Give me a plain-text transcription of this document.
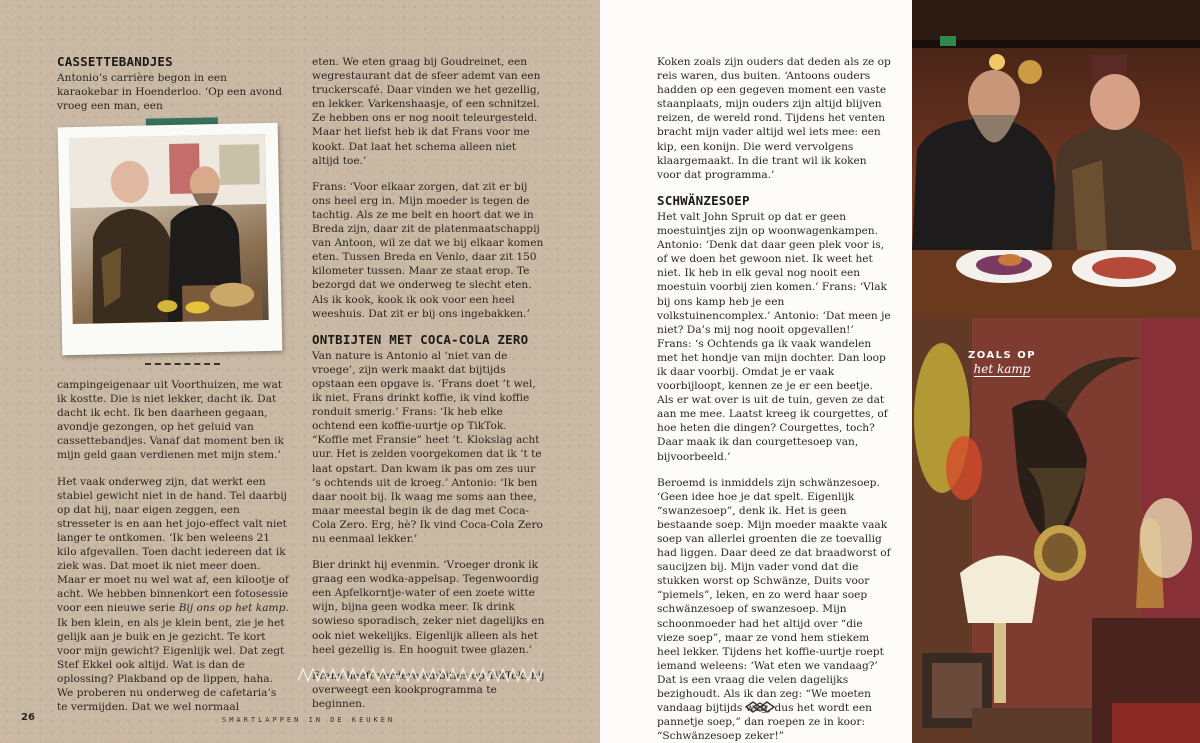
CASSETTEBANDJES

Antonio’s carrière begon in een karaokebar in Hoenderloo. ‘Op een avond vroeg een man, een

campingeigenaar uit Voorthuizen, me wat ik kostte. Die is niet lekker, dacht ik. Dat dacht ik echt. Ik ben daarheen gegaan, avondje gezongen, op het geluid van cassettebandjes. Vanaf dat moment ben ik mijn geld gaan verdienen met mijn stem.’

Het vaak onderweg zijn, dat werkt een stabiel gewicht niet in de hand. Tel daarbij op dat hij, naar eigen zeggen, een stresseter is en aan het jojo-effect valt niet langer te ontkomen. ‘Ik ben weleens 21 kilo afgevallen. Toen dacht iedereen dat ik ziek was. Dat moet ik niet meer doen. Maar er moet nu wel wat af, een kilootje of acht. We hebben binnenkort een fotosessie voor een nieuwe serie Bij ons op het kamp. Ik ben klein, en als je klein bent, zie je het gelijk aan je buik en je gezicht. Te kort voor mijn gewicht? Eigenlijk wel. Dat zegt Stef Ekkel ook altijd. Wat is dan de oplossing? Plakband op de lippen, haha. We proberen nu onderweg de cafetaria’s te vermijden. Dat we wel normaal

eten. We eten graag bij Goudreinet, een wegrestaurant dat de sfeer ademt van een truckerscafé. Daar vinden we het gezellig, en lekker. Varkenshaasje, of een schnitzel. Ze hebben ons er nog nooit teleurgesteld. Maar het liefst heb ik dat Frans voor me kookt. Dat laat het schema alleen niet altijd toe.’

Frans: ‘Voor elkaar zorgen, dat zit er bij ons heel erg in. Mijn moeder is tegen de tachtig. Als ze me belt en hoort dat we in Breda zijn, daar zit de platenmaatschappij van Antoon, wil ze dat we bij elkaar komen eten. Tussen Breda en Venlo, daar zit 150 kilometer tussen. Maar ze staat erop. Te bezorgd dat we onderweg te slecht eten. Als ik kook, kook ik ook voor een heel weeshuis. Dat zit er bij ons ingebakken.’

ONTBIJTEN MET COCA-COLA ZERO

Van nature is Antonio al ‘niet van de vroege’, zijn werk maakt dat bijtijds opstaan een opgave is. ‘Frans doet ’t wel, ik niet. Frans drinkt koffie, ik vind koffie ronduit smerig.’ Frans: ‘Ik heb elke ochtend een koffie-uurtje op TikTok. “Koffie met Fransie” heet ’t. Klokslag acht uur. Het is zelden voorgekomen dat ik ’t te laat opstart. Dan kwam ik pas om zes uur ’s ochtends uit de kroeg.’ Antonio: ‘Ik ben daar nooit bij. Ik waag me soms aan thee, maar meestal begin ik de dag met Coca-Cola Zero. Erg, hè? Ik vind Coca-Cola Zero nu eenmaal lekker.’

Bier drinkt hij evenmin. ‘Vroeger dronk ik graag een wodka-appelsap. Tegenwoordig een Apfelkorntje-water of een zoete witte wijn, bijna geen wodka meer. Ik drink sowieso sporadisch, zeker niet dagelijks en ook niet wekelijks. Eigenlijk alleen als het heel gezellig is. En hooguit twee glazen.’

Frans heeft verdere ambities op TikTok: hij overweegt een kookprogramma te beginnen.

26	SMARTLAPPEN IN DE KEUKEN

Koken zoals zijn ouders dat deden als ze op reis waren, dus buiten. ‘Antoons ouders hadden op een gegeven moment een vaste staanplaats, mijn ouders zijn altijd blijven reizen, de wereld rond. Tijdens het venten bracht mijn vader altijd wel iets mee: een kip, een konijn. Die werd vervolgens klaargemaakt. In die trant wil ik koken voor dat programma.’

SCHWÄNZESOEP

Het valt John Spruit op dat er geen moestuintjes zijn op woonwagenkampen. Antonio: ‘Denk dat daar geen plek voor is, of we doen het gewoon niet. Ik weet het niet. Ik heb in elk geval nog nooit een moestuin voorbij zien komen.’ Frans: ‘Vlak bij ons kamp heb je een volkstuinencomplex.’ Antonio: ‘Dat meen je niet? Da’s mij nog nooit opgevallen!’ Frans: ‘s Ochtends ga ik vaak wandelen met het hondje van mijn dochter. Dan loop ik daar voorbij. Omdat je er vaak voorbijloopt, kennen ze je er een beetje. Als er wat over is uit de tuin, geven ze dat aan me mee. Laatst kreeg ik courgettes, of hoe heten die dingen? Courgettes, toch? Daar maak ik dan courgettesoep van, bijvoorbeeld.’

Beroemd is inmiddels zijn schwänzesoep. ‘Geen idee hoe je dat spelt. Eigenlijk “swanzesoep”, denk ik. Het is geen bestaande soep. Mijn moeder maakte vaak soep van allerlei groenten die ze toevallig had liggen. Daar deed ze dat braadworst of saucijzen bij. Mijn vader vond dat die stukken worst op Schwänze, Duits voor “piemels”, leken, en zo werd haar soep schwänzesoep of swanzesoep. Mijn schoonmoeder had het altijd over “die vieze soep”, maar ze vond hem stiekem heel lekker. Tijdens het koffie-uurtje roept iemand weleens: ‘Wat eten we vandaag?’ Dat is een vraag die velen dagelijks bezighoudt. Als ik dan zeg: “We moeten vandaag bijtijds weg, dus het wordt een pannetje soep,” dan roepen ze in koor: “Schwänzesoep zeker!”

ZOALS OP
het kamp
